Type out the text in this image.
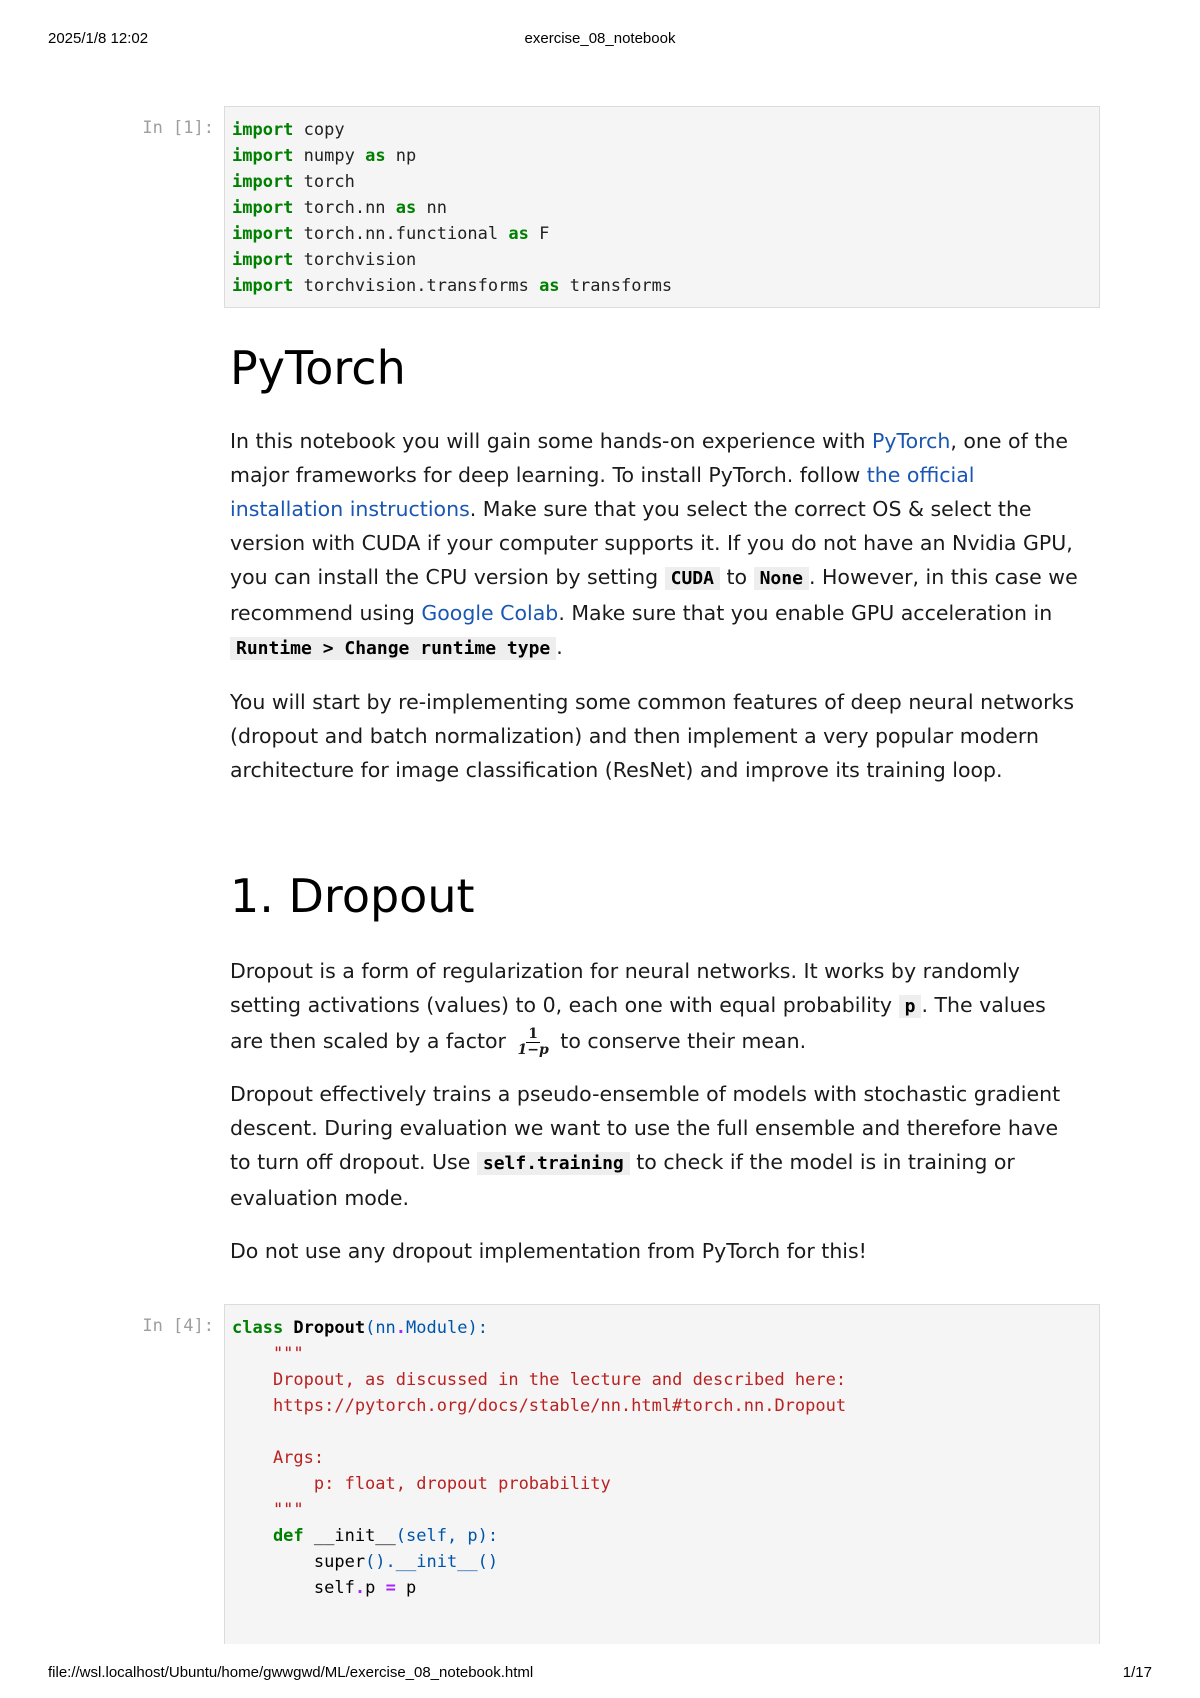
2025/1/8 12:02	exercise_08_notebook
In [1]: import copy
import numpy as np
import torch
import torch.nn as nn
import torch.nn.functional as F
import torchvision
import torchvision.transforms as transforms
PyTorch

In this notebook you will gain some hands-on experience with PyTorch, one of the major frameworks for deep learning. To install PyTorch. follow the official installation instructions. Make sure that you select the correct OS & select the version with CUDA if your computer supports it. If you do not have an Nvidia GPU, you can install the CPU version by setting CUDA to None . However, in this case we recommend using Google Colab. Make sure that you enable GPU acceleration in Runtime > Change runtime type .

You will start by re-implementing some common features of deep neural networks (dropout and batch normalization) and then implement a very popular modern architecture for image classification (ResNet) and improve its training loop.

1. Dropout

Dropout is a form of regularization for neural networks. It works by randomly setting activations (values) to 0, each one with equal probability p . The values are then scaled by a factor $\frac{1}{1-p}$ to conserve their mean.

Dropout effectively trains a pseudo-ensemble of models with stochastic gradient descent. During evaluation we want to use the full ensemble and therefore have to turn off dropout. Use self.training to check if the model is in training or evaluation mode.

Do not use any dropout implementation from PyTorch for this!

In [4]: class Dropout(nn.Module):
"""
Dropout, as discussed in the lecture and described here:
https://pytorch.org/docs/stable/nn.html#torch.nn.Dropout

Args:
p: float, dropout probability
"""
def __init__(self, p):
super().__init__()
self.p = p
file://wsl.localhost/Ubuntu/home/gwwgwd/ML/exercise_08_notebook.html	1/17
